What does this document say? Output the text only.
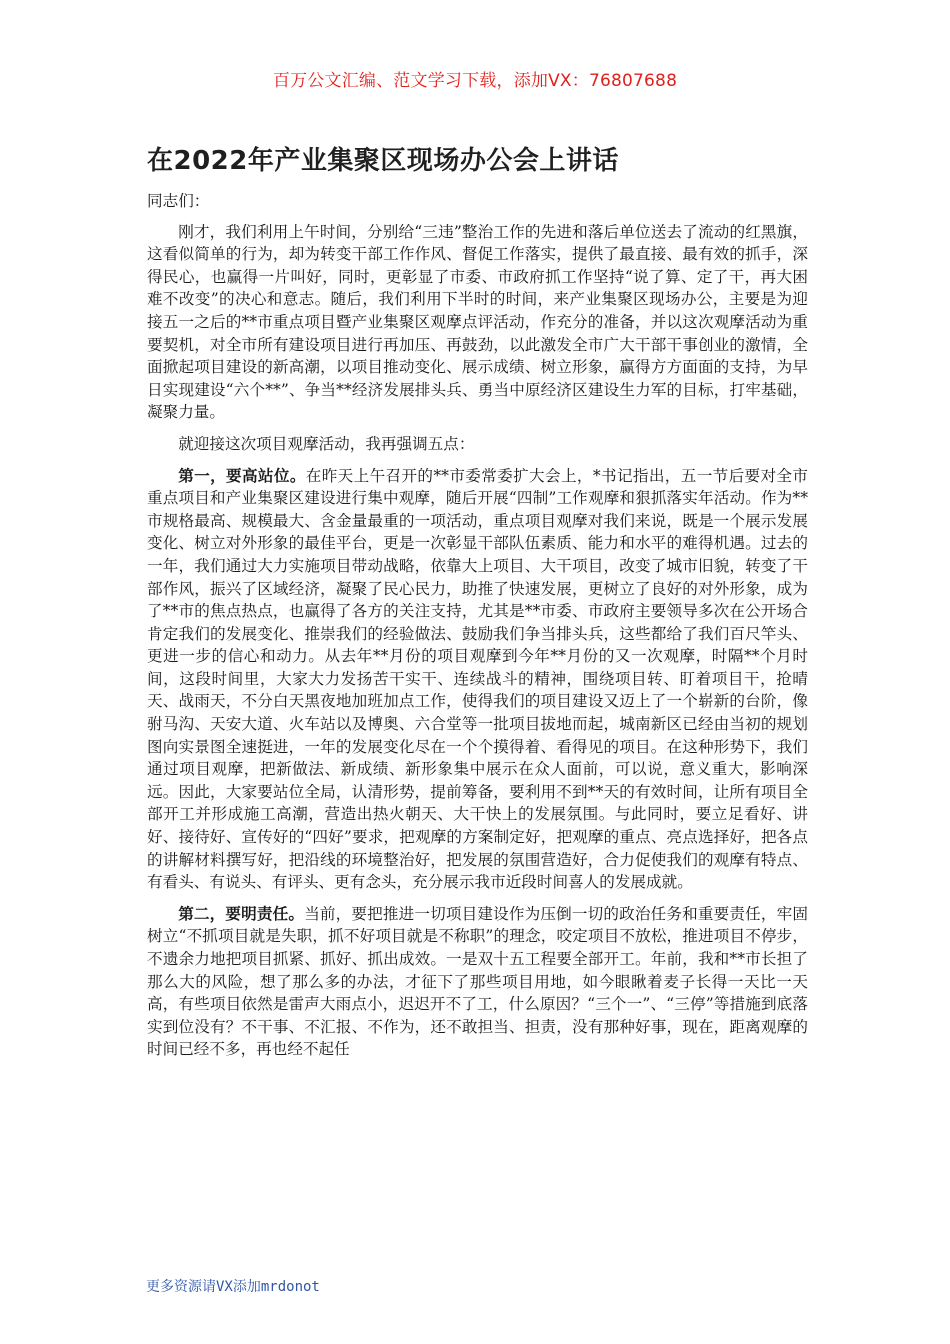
百万公文汇编、范文学习下载，添加VX：76807688
在2022年产业集聚区现场办公会上讲话

同志们：

刚才，我们利用上午时间，分别给“三违”整治工作的先进和落后单位送去了流动的红黑旗，这看似简单的行为，却为转变干部工作作风、督促工作落实，提供了最直接、最有效的抓手，深得民心，也赢得一片叫好，同时，更彰显了市委、市政府抓工作坚持“说了算、定了干，再大困难不改变”的决心和意志。随后，我们利用下半时的时间，来产业集聚区现场办公，主要是为迎接五一之后的**市重点项目暨产业集聚区观摩点评活动，作充分的准备，并以这次观摩活动为重要契机，对全市所有建设项目进行再加压、再鼓劲，以此激发全市广大干部干事创业的激情，全面掀起项目建设的新高潮，以项目推动变化、展示成绩、树立形象，赢得方方面面的支持，为早日实现建设“六个**”、争当**经济发展排头兵、勇当中原经济区建设生力军的目标，打牢基础，凝聚力量。

就迎接这次项目观摩活动，我再强调五点：

第一，要高站位。在昨天上午召开的**市委常委扩大会上，*书记指出，五一节后要对全市重点项目和产业集聚区建设进行集中观摩，随后开展“四制”工作观摩和狠抓落实年活动。作为**市规格最高、规模最大、含金量最重的一项活动，重点项目观摩对我们来说，既是一个展示发展变化、树立对外形象的最佳平台，更是一次彰显干部队伍素质、能力和水平的难得机遇。过去的一年，我们通过大力实施项目带动战略，依靠大上项目、大干项目，改变了城市旧貌，转变了干部作风，振兴了区域经济，凝聚了民心民力，助推了快速发展，更树立了良好的对外形象，成为了**市的焦点热点，也赢得了各方的关注支持，尤其是**市委、市政府主要领导多次在公开场合肯定我们的发展变化、推崇我们的经验做法、鼓励我们争当排头兵，这些都给了我们百尺竿头、更进一步的信心和动力。从去年**月份的项目观摩到今年**月份的又一次观摩，时隔**个月时间，这段时间里，大家大力发扬苦干实干、连续战斗的精神，围绕项目转、盯着项目干，抢晴天、战雨天，不分白天黑夜地加班加点工作，使得我们的项目建设又迈上了一个崭新的台阶，像驸马沟、天安大道、火车站以及博奥、六合堂等一批项目拔地而起，城南新区已经由当初的规划图向实景图全速挺进，一年的发展变化尽在一个个摸得着、看得见的项目。在这种形势下，我们通过项目观摩，把新做法、新成绩、新形象集中展示在众人面前，可以说，意义重大，影响深远。因此，大家要站位全局，认清形势，提前筹备，要利用不到**天的有效时间，让所有项目全部开工并形成施工高潮，营造出热火朝天、大干快上的发展氛围。与此同时，要立足看好、讲好、接待好、宣传好的“四好”要求，把观摩的方案制定好，把观摩的重点、亮点选择好，把各点的讲解材料撰写好，把沿线的环境整治好，把发展的氛围营造好，合力促使我们的观摩有特点、有看头、有说头、有评头、更有念头，充分展示我市近段时间喜人的发展成就。

第二，要明责任。当前，要把推进一切项目建设作为压倒一切的政治任务和重要责任，牢固树立“不抓项目就是失职，抓不好项目就是不称职”的理念，咬定项目不放松，推进项目不停步，不遗余力地把项目抓紧、抓好、抓出成效。一是双十五工程要全部开工。年前，我和**市长担了那么大的风险，想了那么多的办法，才征下了那些项目用地，如今眼瞅着麦子长得一天比一天高，有些项目依然是雷声大雨点小，迟迟开不了工，什么原因？“三个一”、“三停”等措施到底落实到位没有？不干事、不汇报、不作为，还不敢担当、担责，没有那种好事，现在，距离观摩的时间已经不多，再也经不起任

更多资源请VX添加mrdonot
